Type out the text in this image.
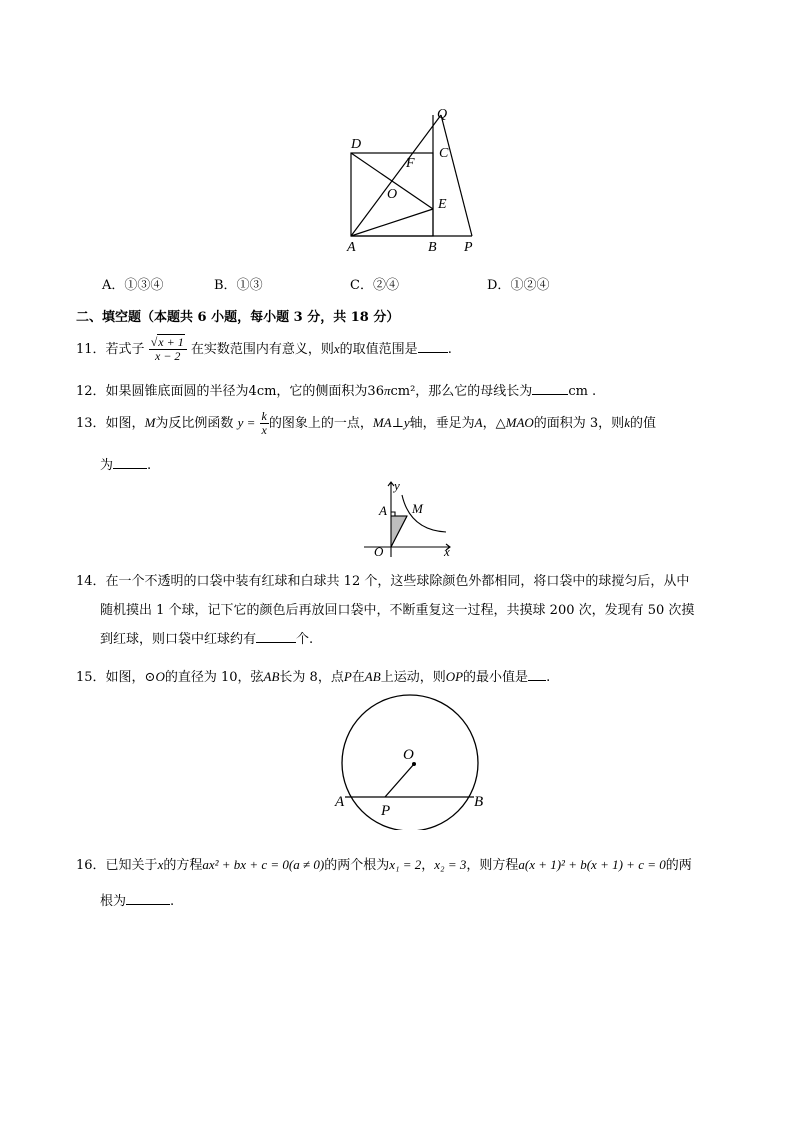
Q
D
C
F
O
E
A	B P
A．①③④	B．①③	C．②④	D．①②④
二、填空题（本题共 6 小题，每小题 3 分，共 18 分）
11．若式子 $\frac{√x + 1}{x - 2}$ 在实数范围内有意义，则x的取值范围是 .
12．如果圆锥底面圆的半径为4cm，它的侧面积为36πcm²，那么它的母线长为	cm .
13．如图，M为反比例函数 $y = \frac{k}{x}$ 的图象上的一点，MA⊥y轴，垂足为A，△MAO的面积为 3，则k的值
为	.
y
A M
O	x
14．在一个不透明的口袋中装有红球和白球共 12 个，这些球除颜色外都相同，将口袋中的球搅匀后，从中
随机摸出 1 个球，记下它的颜色后再放回口袋中，不断重复这一过程，共摸球 200 次，发现有 50 次摸
到红球，则口袋中红球约有	个.
15．如图，⊙O的直径为 10，弦AB长为 8，点P在AB上运动，则OP的最小值是 .
O
A
P
B
16．已知关于x的方程ax² + bx + c = 0(a ≠ 0)的两个根为x₁ = 2，x₂ = 3，则方程a(x + 1)² + b(x + 1) + c = 0的两
根为	.
